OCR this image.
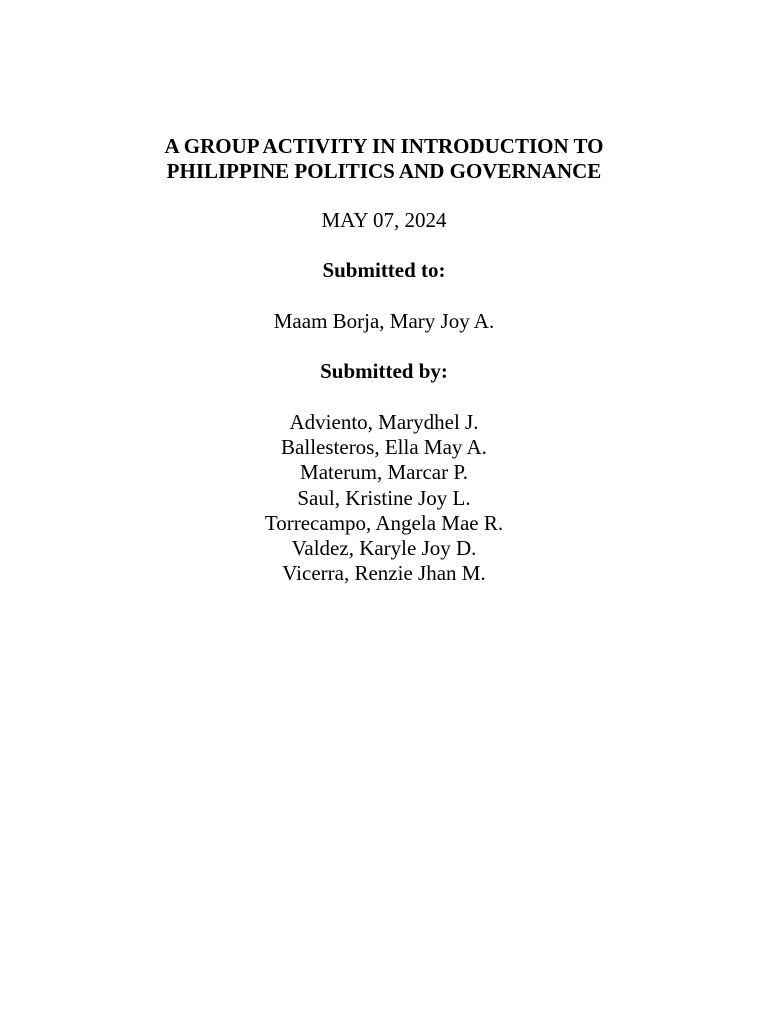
A GROUP ACTIVITY IN INTRODUCTION TO
PHILIPPINE POLITICS AND GOVERNANCE
MAY 07, 2024
Submitted to:
Maam Borja, Mary Joy A.
Submitted by:
Adviento, Marydhel J.
Ballesteros, Ella May A.
Materum, Marcar P.
Saul, Kristine Joy L.
Torrecampo, Angela Mae R.
Valdez, Karyle Joy D.
Vicerra, Renzie Jhan M.
